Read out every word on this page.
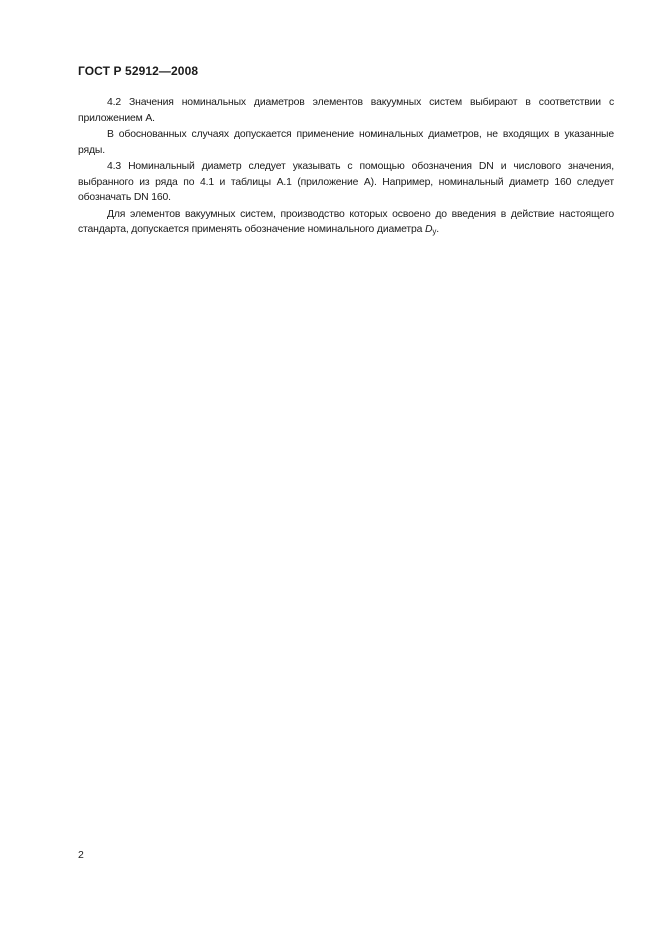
ГОСТ Р 52912—2008

4.2 Значения номинальных диаметров элементов вакуумных систем выбирают в соответствии с приложением А.

В обоснованных случаях допускается применение номинальных диаметров, не входящих в указанные ряды.

4.3 Номинальный диаметр следует указывать с помощью обозначения DN и числового значения, выбранного из ряда по 4.1 и таблицы А.1 (приложение А). Например, номинальный диаметр 160 следует обозначать DN 160.

Для элементов вакуумных систем, производство которых освоено до введения в действие настоящего стандарта, допускается применять обозначение номинального диаметра $D_у$.

2
